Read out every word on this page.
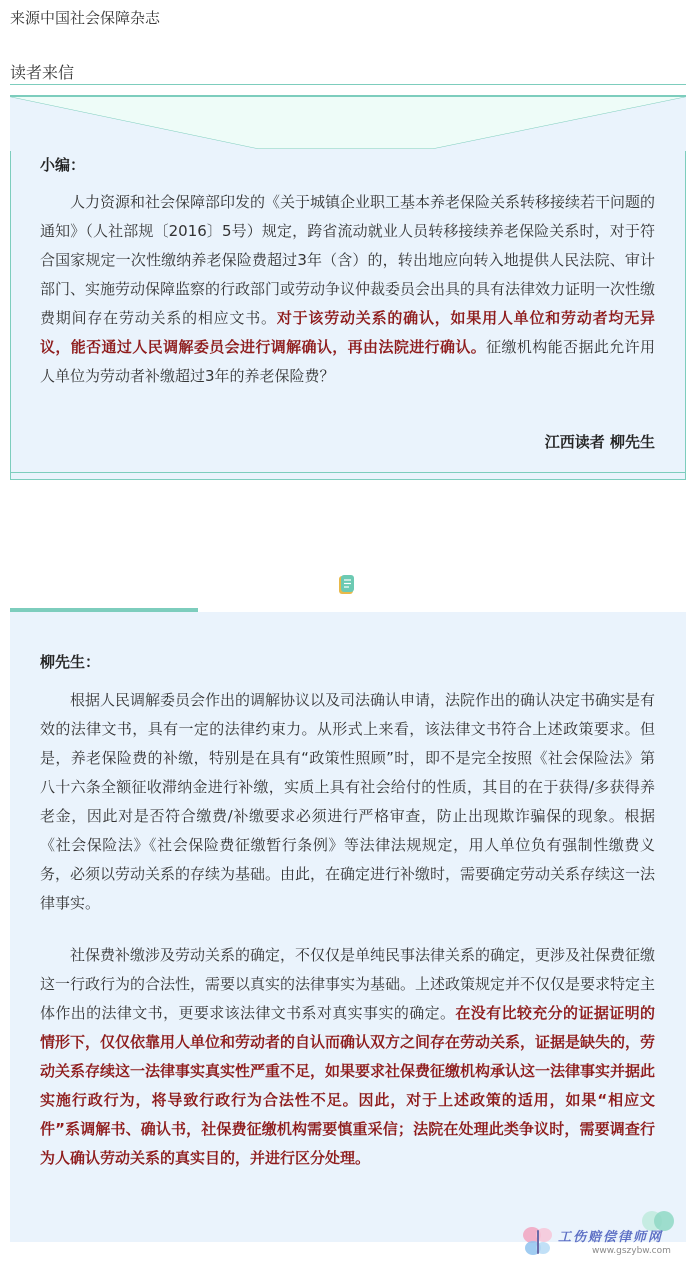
来源中国社会保障杂志
读者来信
小编：

人力资源和社会保障部印发的《关于城镇企业职工基本养老保险关系转移接续若干问题的通知》（人社部规〔2016〕5号）规定，跨省流动就业人员转移接续养老保险关系时，对于符合国家规定一次性缴纳养老保险费超过3年（含）的，转出地应向转入地提供人民法院、审计部门、实施劳动保障监察的行政部门或劳动争议仲裁委员会出具的具有法律效力证明一次性缴费期间存在劳动关系的相应文书。对于该劳动关系的确认，如果用人单位和劳动者均无异议，能否通过人民调解委员会进行调解确认，再由法院进行确认。征缴机构能否据此允许用人单位为劳动者补缴超过3年的养老保险费？

江西读者 柳先生
柳先生：

根据人民调解委员会作出的调解协议以及司法确认申请，法院作出的确认决定书确实是有效的法律文书，具有一定的法律约束力。从形式上来看，该法律文书符合上述政策要求。但是，养老保险费的补缴，特别是在具有“政策性照顾”时，即不是完全按照《社会保险法》第八十六条全额征收滞纳金进行补缴，实质上具有社会给付的性质，其目的在于获得/多获得养老金，因此对是否符合缴费/补缴要求必须进行严格审查，防止出现欺诈骗保的现象。根据《社会保险法》《社会保险费征缴暂行条例》等法律法规规定，用人单位负有强制性缴费义务，必须以劳动关系的存续为基础。由此，在确定进行补缴时，需要确定劳动关系存续这一法律事实。

社保费补缴涉及劳动关系的确定，不仅仅是单纯民事法律关系的确定，更涉及社保费征缴这一行政行为的合法性，需要以真实的法律事实为基础。上述政策规定并不仅仅是要求特定主体作出的法律文书，更要求该法律文书系对真实事实的确定。在没有比较充分的证据证明的情形下，仅仅依靠用人单位和劳动者的自认而确认双方之间存在劳动关系，证据是缺失的，劳动关系存续这一法律事实真实性严重不足，如果要求社保费征缴机构承认这一法律事实并据此实施行政行为，将导致行政行为合法性不足。因此，对于上述政策的适用，如果“相应文件”系调解书、确认书，社保费征缴机构需要慎重采信；法院在处理此类争议时，需要调查行为人确认劳动关系的真实目的，并进行区分处理。

工伤赔偿律师网
www.gszybw.com
